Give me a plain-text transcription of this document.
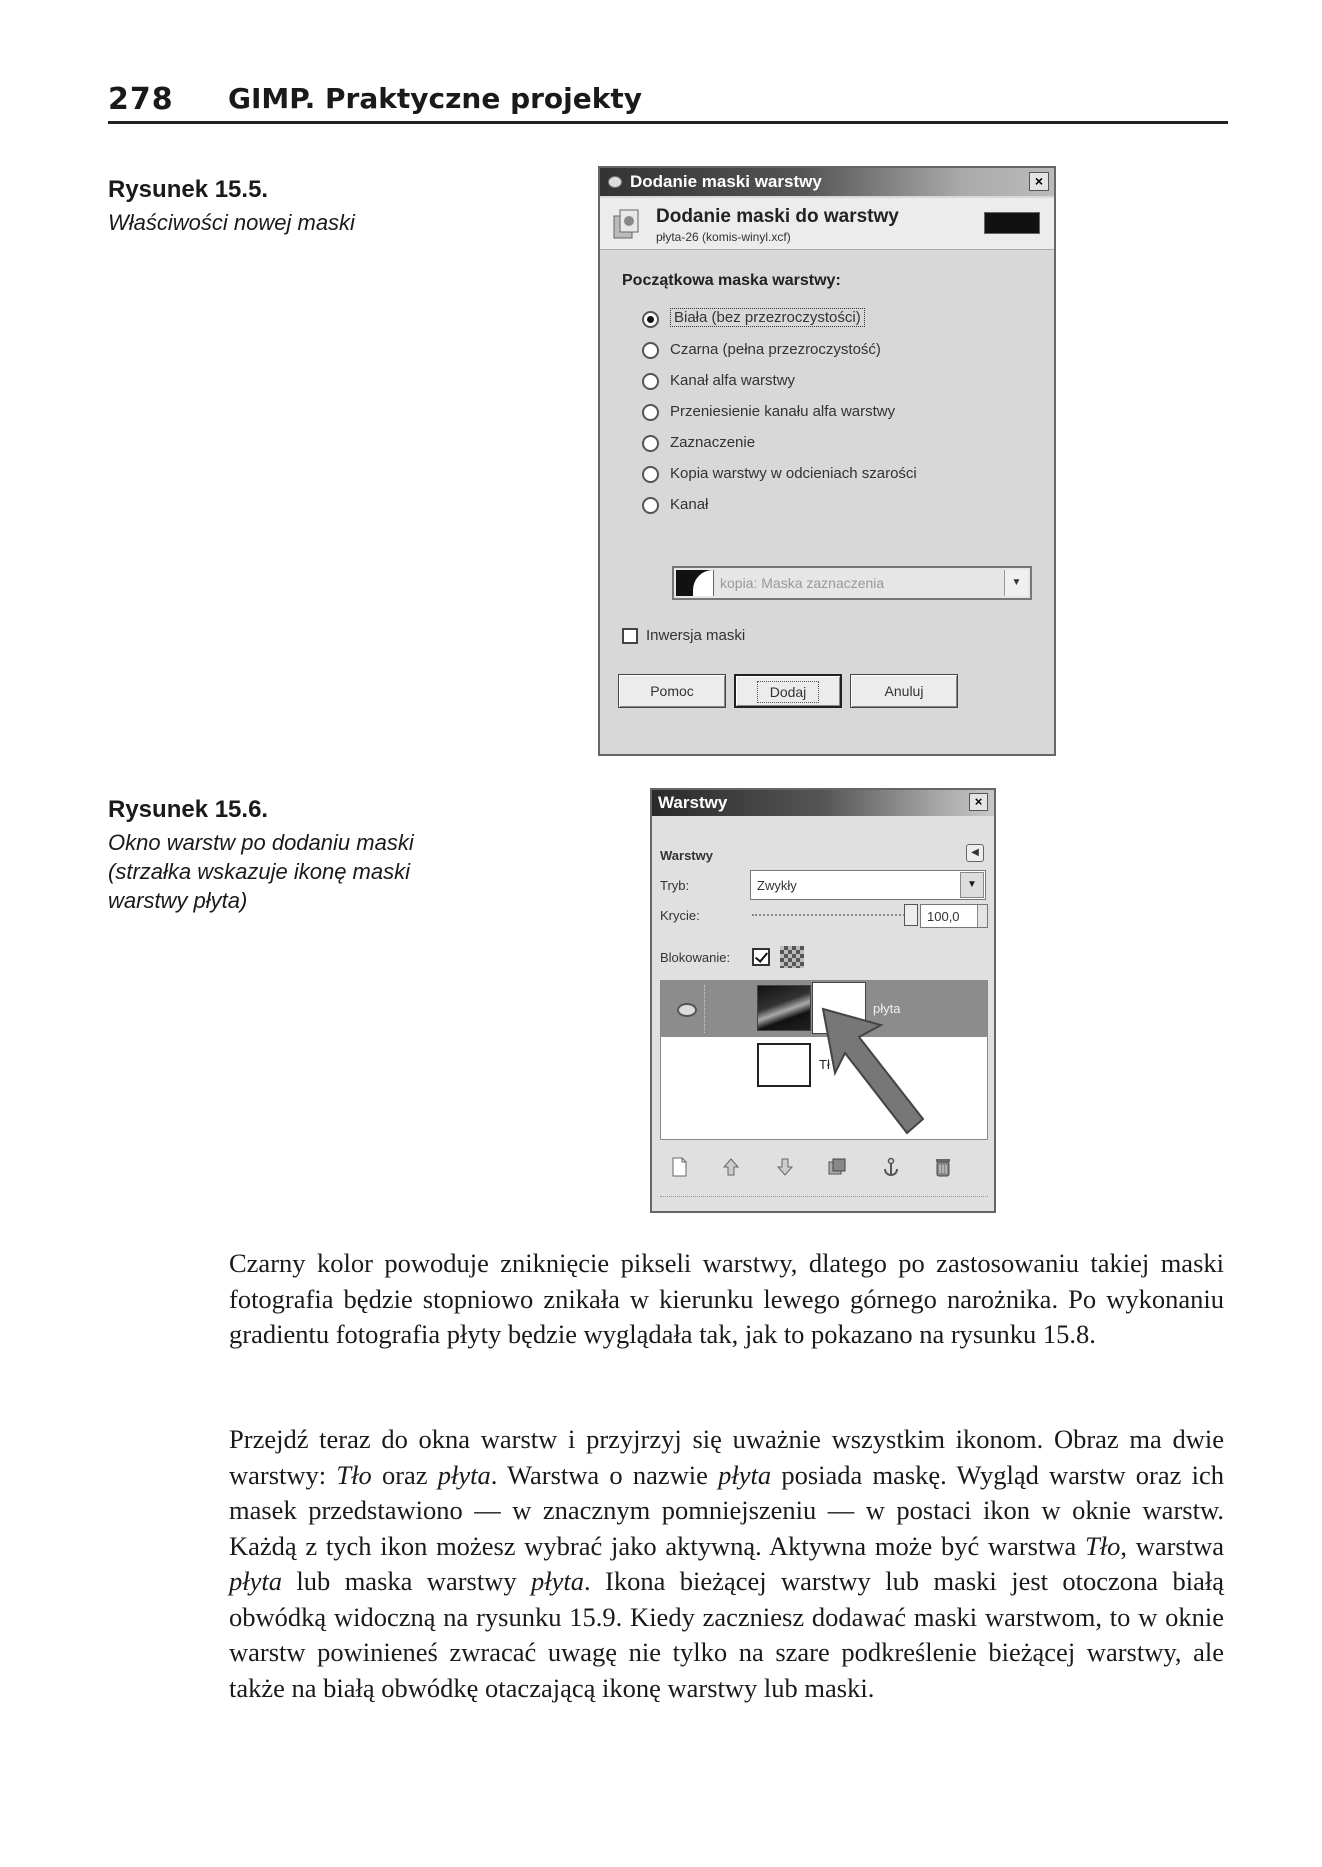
278 GIMP. Praktyczne projekty
Rysunek 15.5.
Właściwości nowej maski
Dodanie maski warstwy	×
Dodanie maski do warstwy
płyta-26 (komis-winyl.xcf)
Początkowa maska warstwy:
Biała (bez przezroczystości)
Czarna (pełna przezroczystość)
Kanał alfa warstwy
Przeniesienie kanału alfa warstwy
Zaznaczenie
Kopia warstwy w odcieniach szarości
Kanał
kopia: Maska zaznaczenia	▼
Inwersja maski
Pomoc	Dodaj	Anuluj
Rysunek 15.6.
Okno warstw po dodaniu maski (strzałka wskazuje ikonę maski warstwy płyta)
Warstwy	×
Warstwy	◀
Tryb:	Zwykły	▼
Krycie:	100,0
Blokowanie:
płyta
Tł

Czarny kolor powoduje zniknięcie pikseli warstwy, dlatego po zastosowaniu takiej maski fotografia będzie stopniowo znikała w kierunku lewego górnego narożnika. Po wykonaniu gradientu fotografia płyty będzie wyglądała tak, jak to pokazano na rysunku 15.8.

Przejdź teraz do okna warstw i przyjrzyj się uważnie wszystkim ikonom. Obraz ma dwie warstwy: Tło oraz płyta. Warstwa o nazwie płyta posiada maskę. Wygląd warstw oraz ich masek przedstawiono — w znacznym pomniejszeniu — w postaci ikon w oknie warstw. Każdą z tych ikon możesz wybrać jako aktywną. Aktywna może być warstwa Tło, warstwa płyta lub maska warstwy płyta. Ikona bieżącej warstwy lub maski jest otoczona białą obwódką widoczną na rysunku 15.9. Kiedy zaczniesz dodawać maski warstwom, to w oknie warstw powinieneś zwracać uwagę nie tylko na szare podkreślenie bieżącej warstwy, ale także na białą obwódkę otaczającą ikonę warstwy lub maski.
